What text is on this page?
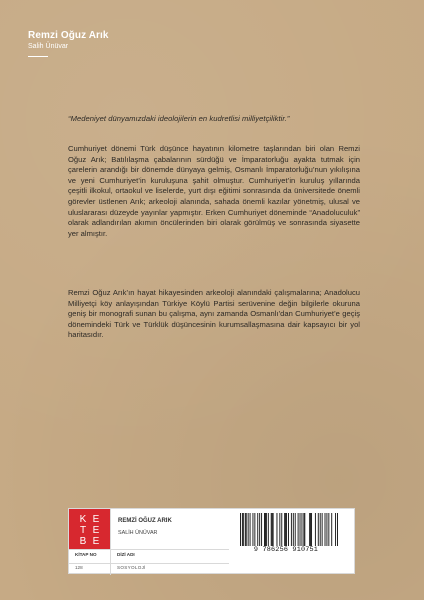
Remzi Oğuz Arık
Salih Ünüvar
“Medeniyet dünyamızdaki ideolojilerin en kudretlisi milliyetçiliktir.”
Cumhuriyet dönemi Türk düşünce hayatının kilometre taşlarından biri olan Remzi Oğuz Arık; Batılılaşma çabalarının sürdüğü ve İmparatorluğu ayakta tutmak için çarelerin arandığı bir dönemde dünyaya gelmiş, Osmanlı İmparatorluğu’nun yıkılışına ve yeni Cumhuriyet’in kuruluşuna şahit olmuştur. Cumhuriyet’in kuruluş yıllarında çeşitli ilkokul, ortaokul ve liselerde, yurt dışı eğitimi sonrasında da üniversitede önemli görevler üstlenen Arık; arkeoloji alanında, sahada önemli kazılar yönetmiş, ulusal ve uluslararası düzeyde yayınlar yapmıştır. Erken Cumhuriyet döneminde “Anadoluculuk” olarak adlandırılan akımın öncülerinden biri olarak görülmüş ve sonrasında siyasette yer almıştır.
Remzi Oğuz Arık’ın hayat hikayesinden arkeoloji alanındaki çalışmalarına; Anadolucu Milliyetçi köy anlayışından Türkiye Köylü Partisi serüvenine değin bilgilerle okuruna geniş bir monografi sunan bu çalışma, aynı zamanda Osmanlı’dan Cumhuriyet’e geçiş dönemindeki Türk ve Türklük düşüncesinin kurumsallaşmasına dair kapsayıcı bir yol haritasıdır.
K E
T E
B E
REMZİ OĞUZ ARIK
SALİH ÜNÜVAR
KİTAP NO	DİZİ ADI
128	SOSYOLOJİ
9 786256 910751
